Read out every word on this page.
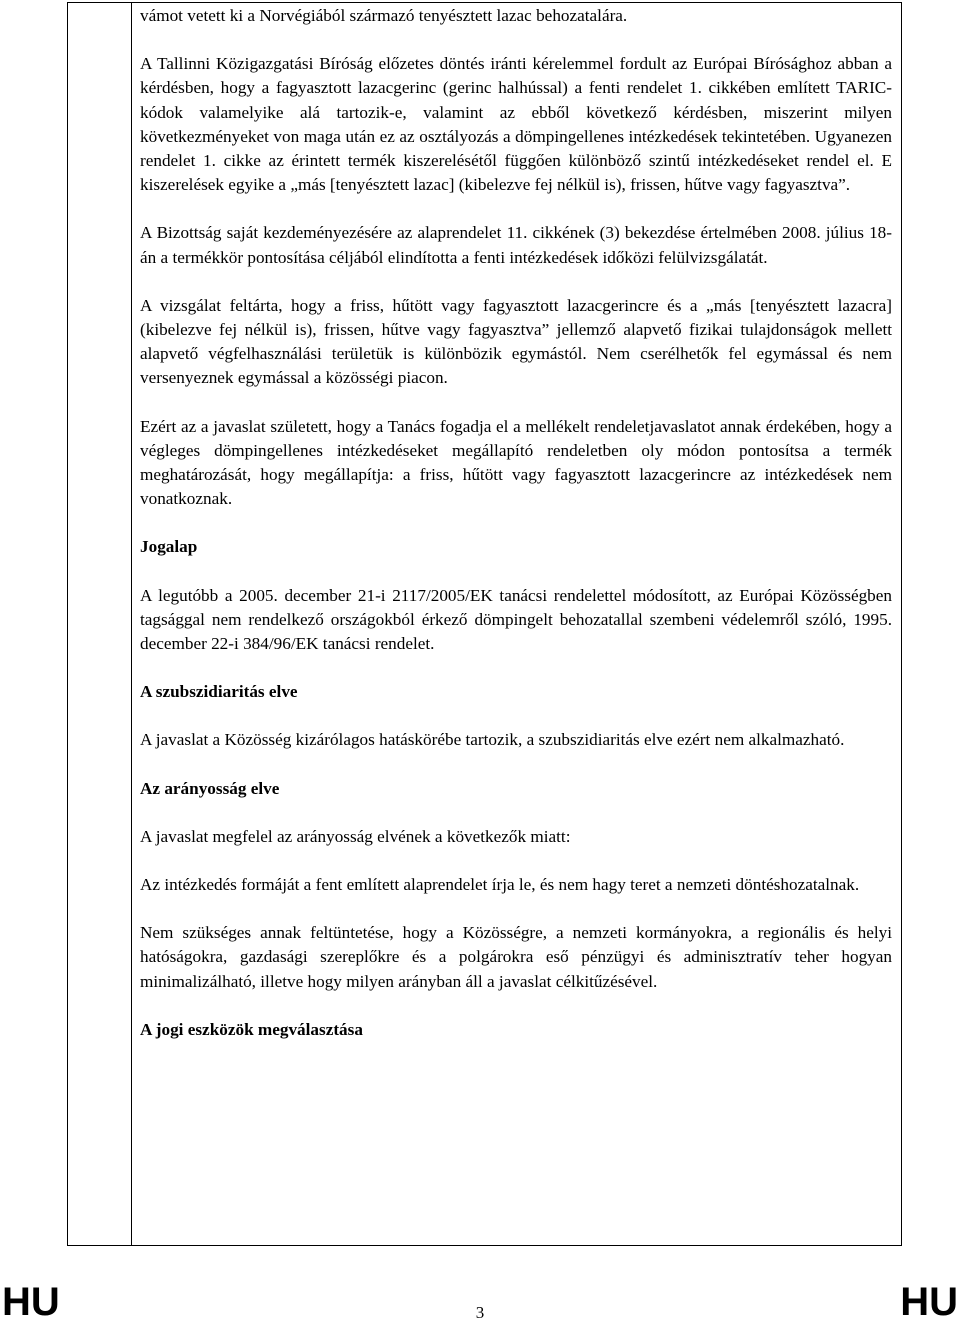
vámot vetett ki a Norvégiából származó tenyésztett lazac behozatalára.

A Tallinni Közigazgatási Bíróság előzetes döntés iránti kérelemmel fordult az Európai Bírósághoz abban a kérdésben, hogy a fagyasztott lazacgerinc (gerinc halhússal) a fenti rendelet 1. cikkében említett TARIC-kódok valamelyike alá tartozik-e, valamint az ebből következő kérdésben, miszerint milyen következményeket von maga után ez az osztályozás a dömpingellenes intézkedések tekintetében. Ugyanezen rendelet 1. cikke az érintett termék kiszerelésétől függően különböző szintű intézkedéseket rendel el. E kiszerelések egyike a „más [tenyésztett lazac] (kibelezve fej nélkül is), frissen, hűtve vagy fagyasztva”.

A Bizottság saját kezdeményezésére az alaprendelet 11. cikkének (3) bekezdése értelmében 2008. július 18-án a termékkör pontosítása céljából elindította a fenti intézkedések időközi felülvizsgálatát.

A vizsgálat feltárta, hogy a friss, hűtött vagy fagyasztott lazacgerincre és a „más [tenyésztett lazacra] (kibelezve fej nélkül is), frissen, hűtve vagy fagyasztva” jellemző alapvető fizikai tulajdonságok mellett alapvető végfelhasználási területük is különbözik egymástól. Nem cserélhetők fel egymással és nem versenyeznek egymással a közösségi piacon.

Ezért az a javaslat született, hogy a Tanács fogadja el a mellékelt rendeletjavaslatot annak érdekében, hogy a végleges dömpingellenes intézkedéseket megállapító rendeletben oly módon pontosítsa a termék meghatározását, hogy megállapítja: a friss, hűtött vagy fagyasztott lazacgerincre az intézkedések nem vonatkoznak.

Jogalap

A legutóbb a 2005. december 21-i 2117/2005/EK tanácsi rendelettel módosított, az Európai Közösségben tagsággal nem rendelkező országokból érkező dömpingelt behozatallal szembeni védelemről szóló, 1995. december 22-i 384/96/EK tanácsi rendelet.

A szubszidiaritás elve

A javaslat a Közösség kizárólagos hatáskörébe tartozik, a szubszidiaritás elve ezért nem alkalmazható.

Az arányosság elve

A javaslat megfelel az arányosság elvének a következők miatt:

Az intézkedés formáját a fent említett alaprendelet írja le, és nem hagy teret a nemzeti döntéshozatalnak.

Nem szükséges annak feltüntetése, hogy a Közösségre, a nemzeti kormányokra, a regionális és helyi hatóságokra, gazdasági szereplőkre és a polgárokra eső pénzügyi és adminisztratív teher hogyan minimalizálható, illetve hogy milyen arányban áll a javaslat célkitűzésével.

A jogi eszközök megválasztása

HU	3	HU
